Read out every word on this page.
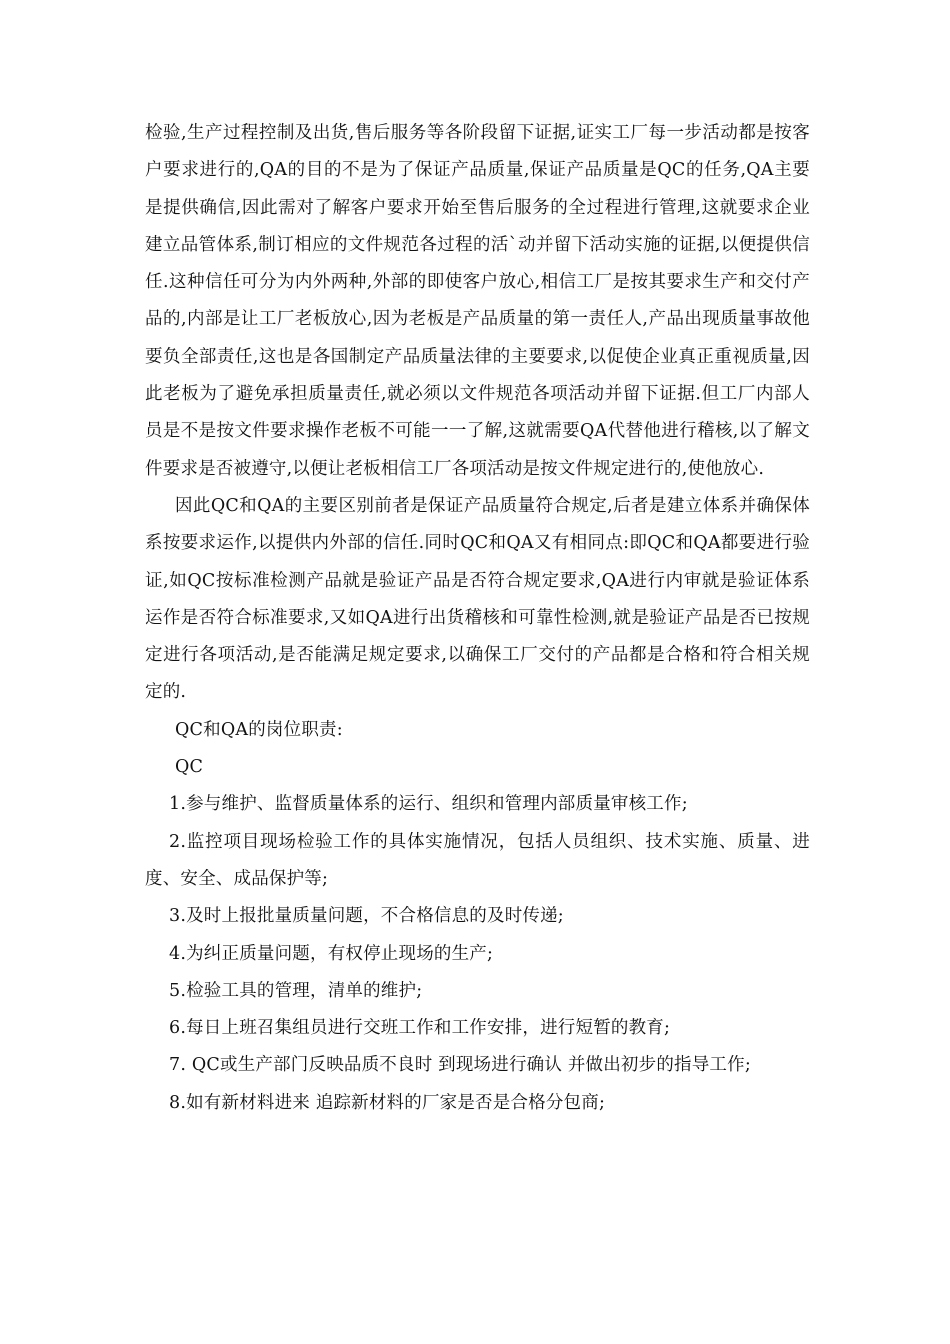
检验,生产过程控制及出货,售后服务等各阶段留下证据,证实工厂每一步活动都是按客户要求进行的,QA的目的不是为了保证产品质量,保证产品质量是QC的任务,QA主要是提供确信,因此需对了解客户要求开始至售后服务的全过程进行管理,这就要求企业建立品管体系,制订相应的文件规范各过程的活`动并留下活动实施的证据,以便提供信任.这种信任可分为内外两种,外部的即使客户放心,相信工厂是按其要求生产和交付产品的,内部是让工厂老板放心,因为老板是产品质量的第一责任人,产品出现质量事故他要负全部责任,这也是各国制定产品质量法律的主要要求,以促使企业真正重视质量,因此老板为了避免承担质量责任,就必须以文件规范各项活动并留下证据.但工厂内部人员是不是按文件要求操作老板不可能一一了解,这就需要QA代替他进行稽核,以了解文件要求是否被遵守,以便让老板相信工厂各项活动是按文件规定进行的,使他放心.

因此QC和QA的主要区别前者是保证产品质量符合规定,后者是建立体系并确保体系按要求运作,以提供内外部的信任.同时QC和QA又有相同点:即QC和QA都要进行验证,如QC按标准检测产品就是验证产品是否符合规定要求,QA进行内审就是验证体系运作是否符合标准要求,又如QA进行出货稽核和可靠性检测,就是验证产品是否已按规定进行各项活动,是否能满足规定要求,以确保工厂交付的产品都是合格和符合相关规定的.

QC和QA的岗位职责:

QC

1.参与维护、监督质量体系的运行、组织和管理内部质量审核工作;
2.监控项目现场检验工作的具体实施情况，包括人员组织、技术实施、质量、进度、安全、成品保护等;
3.及时上报批量质量问题，不合格信息的及时传递;
4.为纠正质量问题，有权停止现场的生产;
5.检验工具的管理，清单的维护;
6.每日上班召集组员进行交班工作和工作安排，进行短暂的教育;
7. QC或生产部门反映品质不良时 到现场进行确认 并做出初步的指导工作;
8.如有新材料进来 追踪新材料的厂家是否是合格分包商;
